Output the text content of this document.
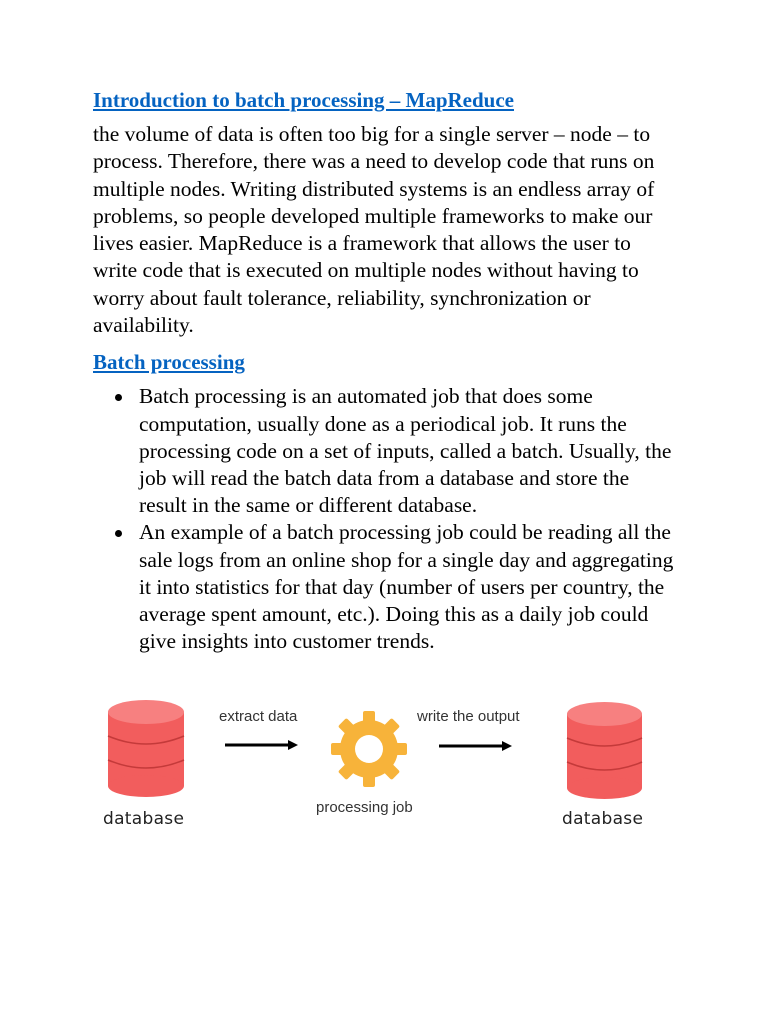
Introduction to batch processing – MapReduce

the volume of data is often too big for a single server – node – to process. Therefore, there was a need to develop code that runs on multiple nodes. Writing distributed systems is an endless array of problems, so people developed multiple frameworks to make our lives easier. MapReduce is a framework that allows the user to write code that is executed on multiple nodes without having to worry about fault tolerance, reliability, synchronization or availability.

Batch processing
Batch processing is an automated job that does some computation, usually done as a periodical job. It runs the processing code on a set of inputs, called a batch. Usually, the job will read the batch data from a database and store the result in the same or different database.
An example of a batch processing job could be reading all the sale logs from an online shop for a single day and aggregating it into statistics for that day (number of users per country, the average spent amount, etc.). Doing this as a daily job could give insights into customer trends.
extract data	write the output
processing job
database	database
